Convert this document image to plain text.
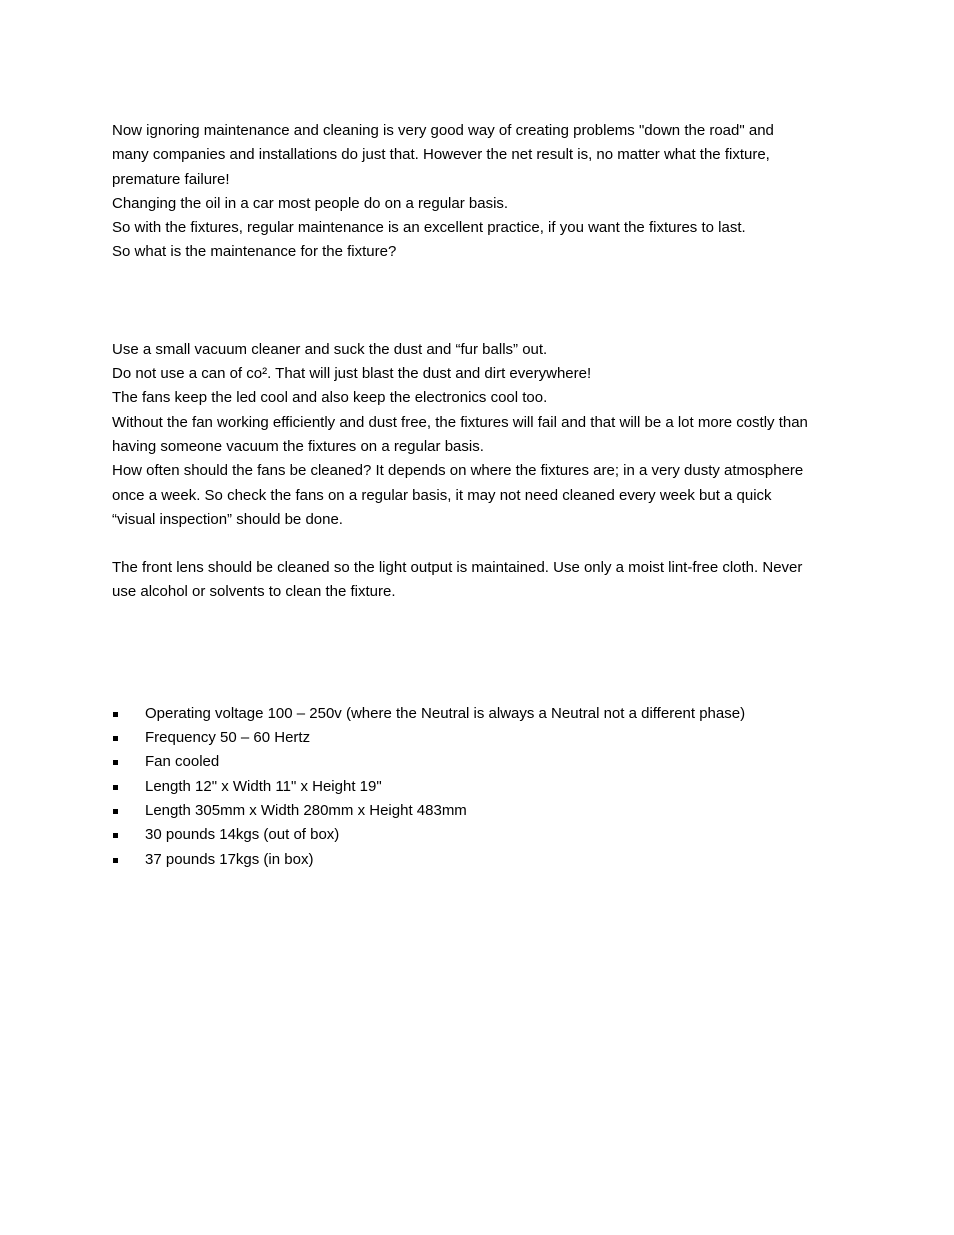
Now ignoring maintenance and cleaning is very good way of creating problems "down the road" and

many companies and installations do just that. However the net result is, no matter what the fixture,

premature failure!

Changing the oil in a car most people do on a regular basis.

So with the fixtures, regular maintenance is an excellent practice, if you want the fixtures to last.

So what is the maintenance for the fixture?

Use a small vacuum cleaner and suck the dust and “fur balls” out.

Do not use a can of co². That will just blast the dust and dirt everywhere!

The fans keep the led cool and also keep the electronics cool too.

Without the fan working efficiently and dust free, the fixtures will fail and that will be a lot more costly than

having someone vacuum the fixtures on a regular basis.

How often should the fans be cleaned? It depends on where the fixtures are; in a very dusty atmosphere

once a week. So check the fans on a regular basis, it may not need cleaned every week but a quick

“visual inspection” should be done.

The front lens should be cleaned so the light output is maintained. Use only a moist lint-free cloth. Never

use alcohol or solvents to clean the fixture.

Operating voltage 100 – 250v (where the Neutral is always a Neutral not a different phase)
Frequency 50 – 60 Hertz
Fan cooled
Length 12" x Width 11" x Height 19"
Length 305mm x Width 280mm x Height 483mm
30 pounds 14kgs (out of box)
37 pounds 17kgs (in box)
